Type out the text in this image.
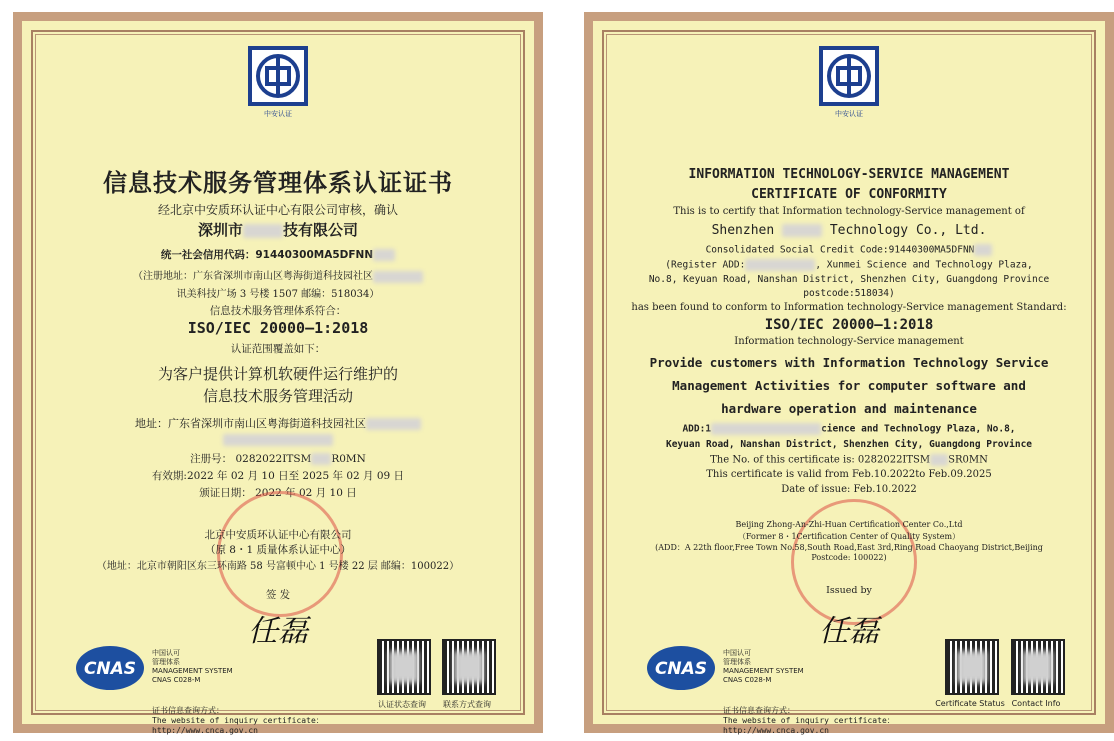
中安认证
信息技术服务管理体系认证证书
经北京中安质环认证中心有限公司审核，确认
深圳市	技有限公司
统一社会信用代码：91440300MA5DFNN
（注册地址：广东省深圳市南山区粤海街道科技园社区
讯美科技广场 3 号楼 1507 邮编：518034）
信息技术服务管理体系符合：
ISO/IEC 20000—1:2018
认证范围覆盖如下：
为客户提供计算机软硬件运行维护的
信息技术服务管理活动
地址：广东省深圳市南山区粤海街道科技园社区
注册号： 0282022ITSM R0MN
有效期:2022 年 02 月 10 日至 2025 年 02 月 09 日
颁证日期： 2022 年 02 月 10 日
北京中安质环认证中心有限公司
（原 8・1 质量体系认证中心）
（地址：北京市朝阳区东三环南路 58 号富顿中心 1 号楼 22 层 邮编：100022）
签 发
任磊
CNAS
中国认可
管理体系
MANAGEMENT SYSTEM
CNAS C028-M
证书信息查询方式：
The website of inquiry certificate：
http://www.cnca.gov.cn
认证状态查询	联系方式查询
中安认证
INFORMATION TECHNOLOGY-SERVICE MANAGEMENT
CERTIFICATE OF CONFORMITY
This is to certify that Information technology-Service management of
Shenzhen	Technology Co., Ltd.
Consolidated Social Credit Code:91440300MA5DFNN
(Register ADD:	, Xunmei Science and Technology Plaza,
No.8, Keyuan Road, Nanshan District, Shenzhen City, Guangdong Province
postcode:518034)
has been found to conform to Information technology-Service management Standard:
ISO/IEC 20000—1:2018
Information technology-Service management
Provide customers with Information Technology Service
Management Activities for computer software and
hardware operation and maintenance
ADD:1	cience and Technology Plaza, No.8,
Keyuan Road, Nanshan District, Shenzhen City, Guangdong Province
The No. of this certificate is: 0282022ITSM SR0MN
This certificate is valid from Feb.10.2022to Feb.09.2025
Date of issue: Feb.10.2022
Beijing Zhong-An-Zhi-Huan Certification Center Co.,Ltd
（Former 8・1Certification Center of Quality System）
(ADD：A 22th floor,Free Town No.58,South Road,East 3rd,Ring Road Chaoyang District,Beijing
Postcode: 100022)
Issued by
任磊
CNAS
中国认可
管理体系
MANAGEMENT SYSTEM
CNAS C028-M
证书信息查询方式：
The website of inquiry certificate：
http://www.cnca.gov.cn
Certificate Status Contact Info
